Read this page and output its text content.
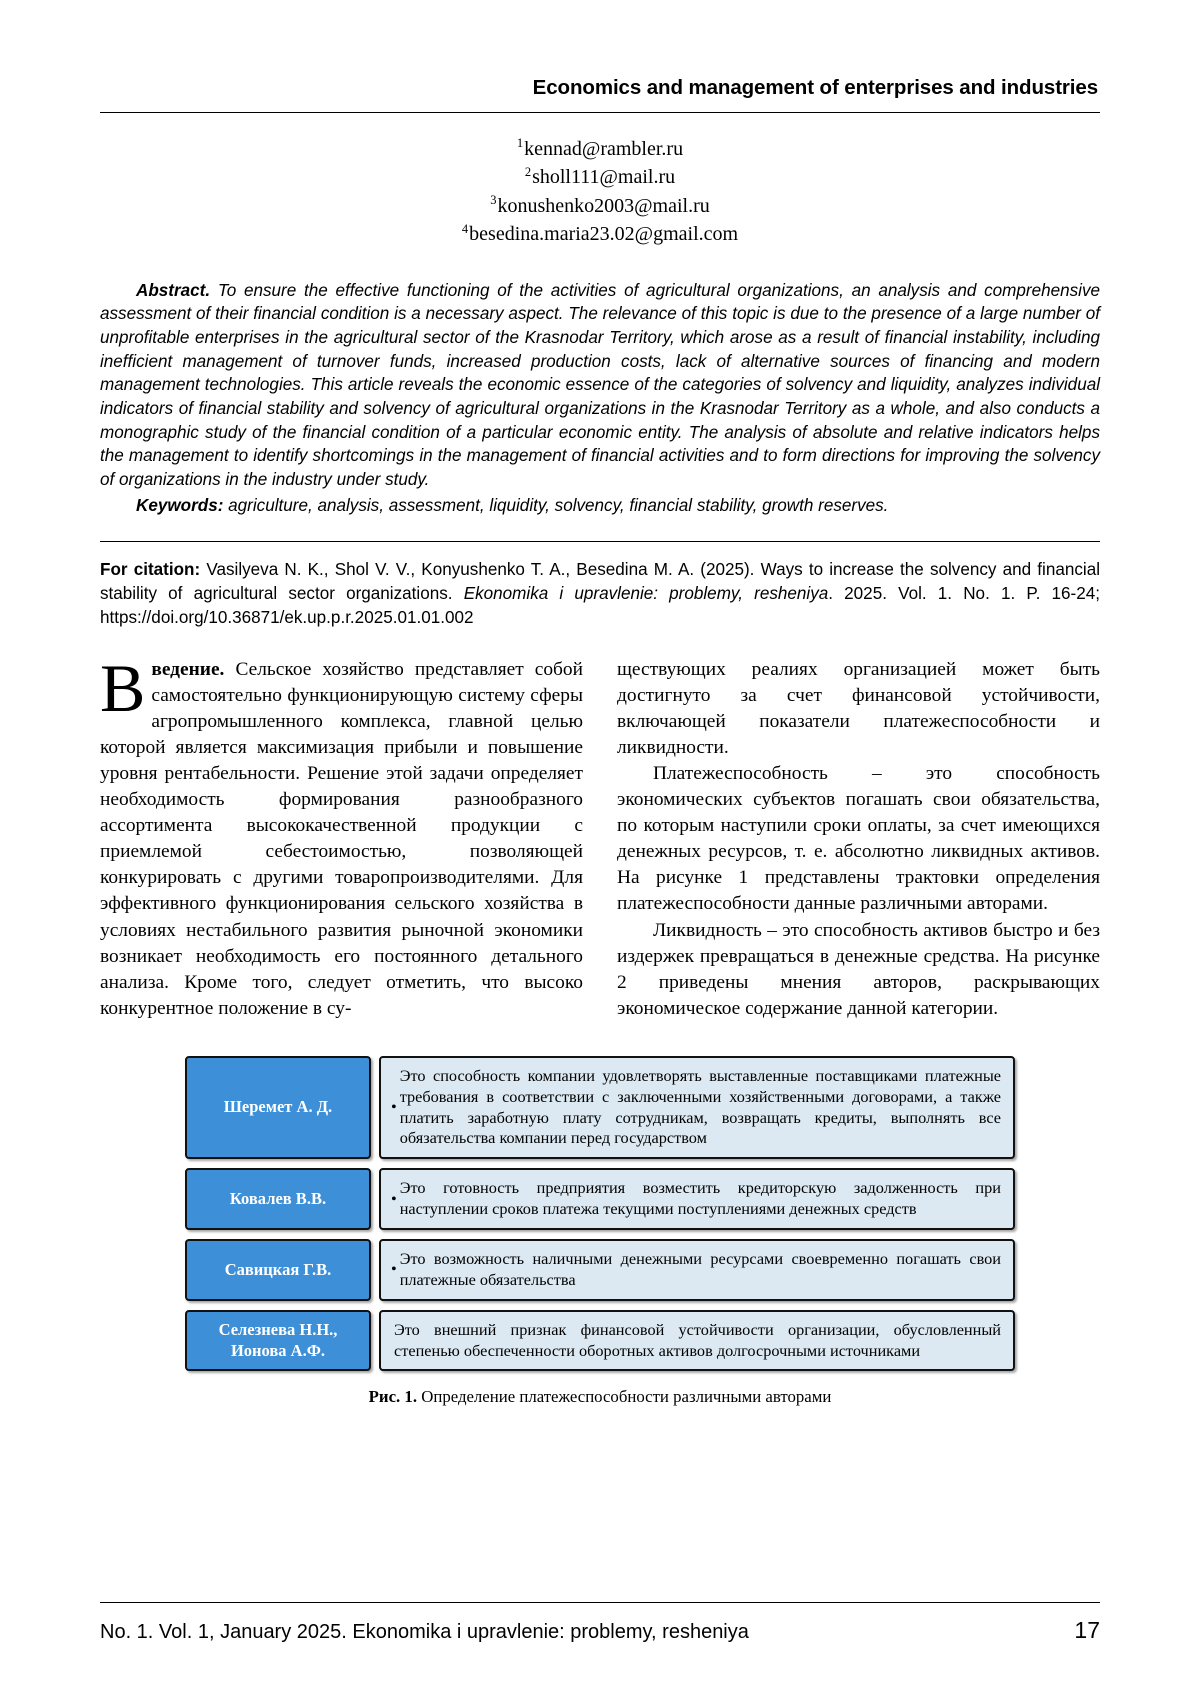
Economics and management of enterprises and industries
$^1$kennad@rambler.ru
$^2$sholl111@mail.ru
$^3$konushenko2003@mail.ru
$^4$besedina.maria23.02@gmail.com
Abstract. To ensure the effective functioning of the activities of agricultural organizations, an analysis and comprehensive assessment of their financial condition is a necessary aspect. The relevance of this topic is due to the presence of a large number of unprofitable enterprises in the agricultural sector of the Krasnodar Territory, which arose as a result of financial instability, including inefficient management of turnover funds, increased production costs, lack of alternative sources of financing and modern management technologies. This article reveals the economic essence of the categories of solvency and liquidity, analyzes individual indicators of financial stability and solvency of agricultural organizations in the Krasnodar Territory as a whole, and also conducts a monographic study of the financial condition of a particular economic entity. The analysis of absolute and relative indicators helps the management to identify shortcomings in the management of financial activities and to form directions for improving the solvency of organizations in the industry under study.
Keywords: agriculture, analysis, assessment, liquidity, solvency, financial stability, growth reserves.
For citation: Vasilyeva N. K., Shol V. V., Konyushenko T. A., Besedina M. A. (2025). Ways to increase the solvency and financial stability of agricultural sector organizations. Ekonomika i upravlenie: problemy, resheniya. 2025. Vol. 1. No. 1. P. 16-24; https://doi.org/10.36871/ek.up.p.r.2025.01.01.002

Введение. Сельское хозяйство представляет собой самостоятельно функционирующую систему сферы агропромышленного комплекса, главной целью которой является максимизация прибыли и повышение уровня рентабельности. Решение этой задачи определяет необходимость формирования разнообразного ассортимента высококачественной продукции с приемлемой себестоимостью, позволяющей конкурировать с другими товаропроизводителями. Для эффективного функционирования сельского хозяйства в условиях нестабильного развития рыночной экономики возникает необходимость его постоянного детального анализа. Кроме того, следует отметить, что высоко конкурентное положение в су-

ществующих реалиях организацией может быть достигнуто за счет финансовой устойчивости, включающей показатели платежеспособности и ликвидности.

Платежеспособность – это способность экономических субъектов погашать свои обязательства, по которым наступили сроки оплаты, за счет имеющихся денежных ресурсов, т. е. абсолютно ликвидных активов. На рисунке 1 представлены трактовки определения платежеспособности данные различными авторами.

Ликвидность – это способность активов быстро и без издержек превращаться в денежные средства. На рисунке 2 приведены мнения авторов, раскрывающих экономическое содержание данной категории.

Шеремет А. Д.	•
Это способность компании удовлетворять выставленные поставщиками платежные требования в соответствии с заключенными хозяйственными договорами, а также платить заработную плату сотрудникам, возвращать кредиты, выполнять все обязательства компании перед государством
Ковалев В.В.	•
Это готовность предприятия возместить кредиторскую задолженность при наступлении сроков платежа текущими поступлениями денежных средств
Савицкая Г.В.	•
Это возможность наличными денежными ресурсами своевременно погашать свои платежные обязательства
Селезнева Н.Н., Ионова А.Ф.
Это внешний признак финансовой устойчивости организации, обусловленный степенью обеспеченности оборотных активов долгосрочными источниками
Рис. 1. Определение платежеспособности различными авторами
No. 1. Vol. 1, January 2025. Ekonomika i upravlenie: problemy, resheniya	17
